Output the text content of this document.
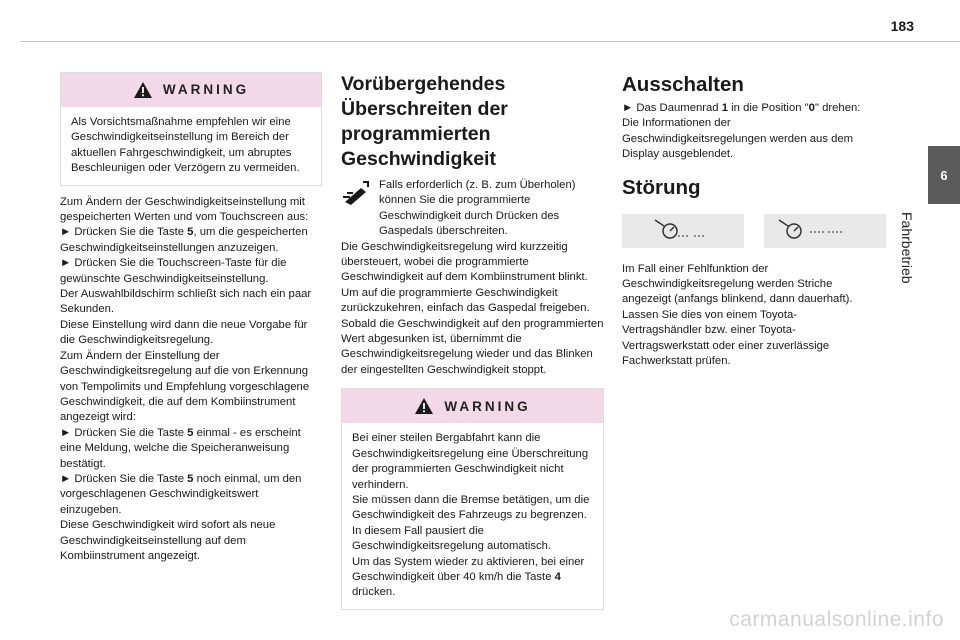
183
6
Fahrbetrieb
WARNING

Als Vorsichtsmaßnahme empfehlen wir eine Geschwindigkeitseinstellung im Bereich der aktuellen Fahrgeschwindigkeit, um abruptes Beschleunigen oder Verzögern zu vermeiden.

Zum Ändern der Geschwindigkeitseinstellung mit gespeicherten Werten und vom Touchscreen aus:

► Drücken Sie die Taste 5, um die gespeicherten Geschwindigkeitseinstellungen anzuzeigen.

► Drücken Sie die Touchscreen-Taste für die gewünschte Geschwindigkeitseinstellung.

Der Auswahlbildschirm schließt sich nach ein paar Sekunden.

Diese Einstellung wird dann die neue Vorgabe für die Geschwindigkeitsregelung.

Zum Ändern der Einstellung der Geschwindigkeitsregelung auf die von Erkennung von Tempolimits und Empfehlung vorgeschlagene Geschwindigkeit, die auf dem Kombiinstrument angezeigt wird:

► Drücken Sie die Taste 5 einmal - es erscheint eine Meldung, welche die Speicheranweisung bestätigt.

► Drücken Sie die Taste 5 noch einmal, um den vorgeschlagenen Geschwindigkeitswert einzugeben.

Diese Geschwindigkeit wird sofort als neue Geschwindigkeitseinstellung auf dem Kombiinstrument angezeigt.

Vorübergehendes Überschreiten der programmierten Geschwindigkeit

Falls erforderlich (z. B. zum Überholen) können Sie die programmierte Geschwindigkeit durch Drücken des Gaspedals überschreiten.

Die Geschwindigkeitsregelung wird kurzzeitig übersteuert, wobei die programmierte Geschwindigkeit auf dem Kombiinstrument blinkt.

Um auf die programmierte Geschwindigkeit zurückzukehren, einfach das Gaspedal freigeben.

Sobald die Geschwindigkeit auf den programmierten Wert abgesunken ist, übernimmt die Geschwindigkeitsregelung wieder und das Blinken der eingestellten Geschwindigkeit stoppt.

WARNING

Bei einer steilen Bergabfahrt kann die Geschwindigkeitsregelung eine Überschreitung der programmierten Geschwindigkeit nicht verhindern.

Sie müssen dann die Bremse betätigen, um die Geschwindigkeit des Fahrzeugs zu begrenzen. In diesem Fall pausiert die Geschwindigkeitsregelung automatisch.

Um das System wieder zu aktivieren, bei einer Geschwindigkeit über 40 km/h die Taste 4 drücken.

Ausschalten

► Das Daumenrad 1 in die Position "0" drehen: Die Informationen der Geschwindigkeitsregelungen werden aus dem Display ausgeblendet.

Störung

Im Fall einer Fehlfunktion der Geschwindigkeitsregelung werden Striche angezeigt (anfangs blinkend, dann dauerhaft).

Lassen Sie dies von einem Toyota-Vertragshändler bzw. einer Toyota-Vertragswerkstatt oder einer zuverlässige Fachwerkstatt prüfen.

carmanualsonline.info
